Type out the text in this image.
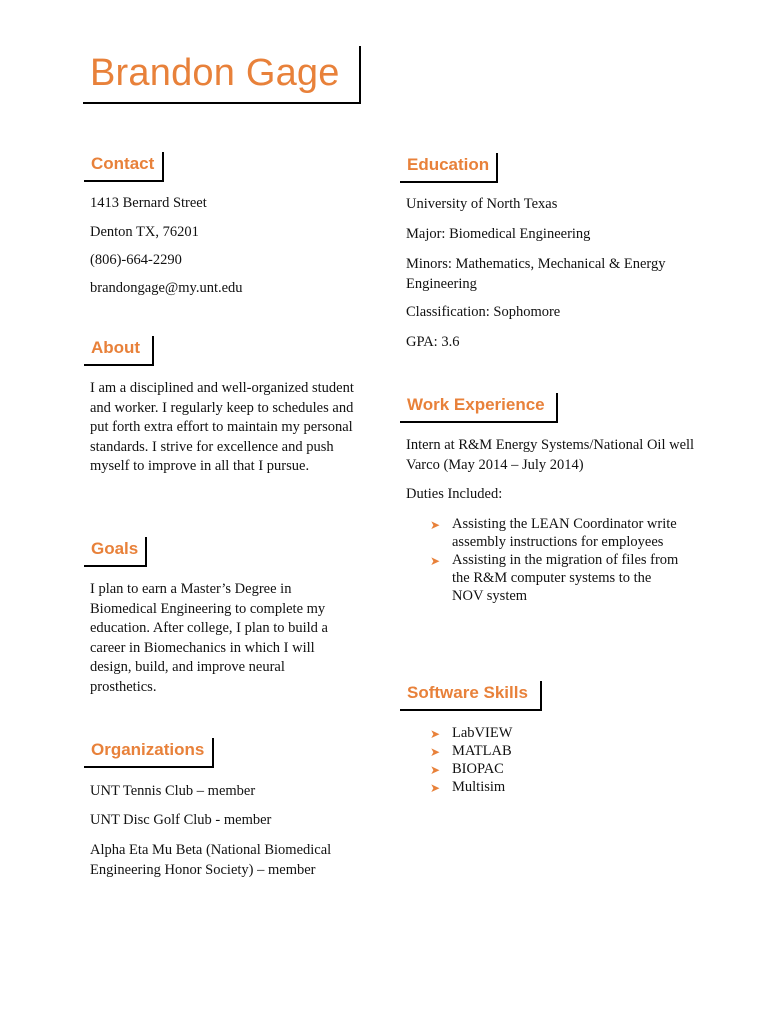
Brandon Gage
Contact
1413 Bernard Street
Denton TX, 76201
(806)-664-2290
brandongage@my.unt.edu
About
I am a disciplined and well-organized student and worker. I regularly keep to schedules and put forth extra effort to maintain my personal standards. I strive for excellence and push myself to improve in all that I pursue.
Goals
I plan to earn a Master’s Degree in Biomedical Engineering to complete my education. After college, I plan to build a career in Biomechanics in which I will design, build, and improve neural prosthetics.
Organizations
UNT Tennis Club – member
UNT Disc Golf Club - member
Alpha Eta Mu Beta (National Biomedical Engineering Honor Society) – member
Education
University of North Texas
Major: Biomedical Engineering
Minors: Mathematics, Mechanical & Energy Engineering
Classification: Sophomore
GPA: 3.6
Work Experience
Intern at R&M Energy Systems/National Oil well Varco (May 2014 – July 2014)
Duties Included:
➤ Assisting the LEAN Coordinator write assembly instructions for employees
➤ Assisting in the migration of files from the R&M computer systems to the NOV system
Software Skills
➤ LabVIEW
➤ MATLAB
➤ BIOPAC
➤ Multisim
